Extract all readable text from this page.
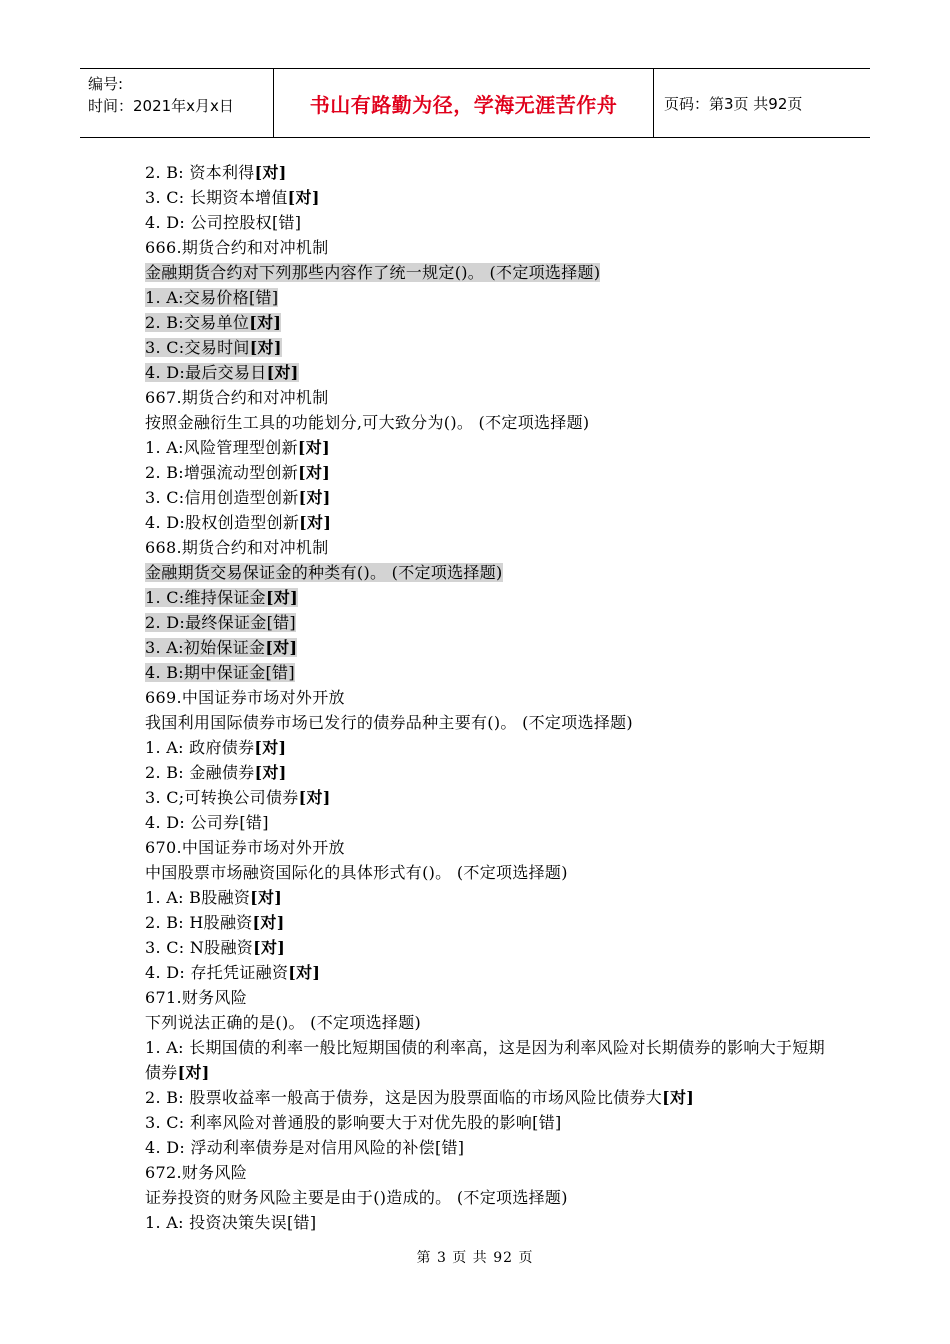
编号:
时间：2021年x月x日	书山有路勤为径，学海无涯苦作舟	页码：第3页 共92页
2. B: 资本利得[对]
3. C: 长期资本增值[对]
4. D: 公司控股权[错]
666.期货合约和对冲机制
金融期货合约对下列那些内容作了统一规定()。 (不定项选择题)
1. A:交易价格[错]
2. B:交易单位[对]
3. C:交易时间[对]
4. D:最后交易日[对]
667.期货合约和对冲机制
按照金融衍生工具的功能划分,可大致分为()。 (不定项选择题)
1. A:风险管理型创新[对]
2. B:增强流动型创新[对]
3. C:信用创造型创新[对]
4. D:股权创造型创新[对]
668.期货合约和对冲机制
金融期货交易保证金的种类有()。 (不定项选择题)
1. C:维持保证金[对]
2. D:最终保证金[错]
3. A:初始保证金[对]
4. B:期中保证金[错]
669.中国证券市场对外开放
我国利用国际债券市场已发行的债券品种主要有()。 (不定项选择题)
1. A: 政府债券[对]
2. B: 金融债券[对]
3. C;可转换公司债券[对]
4. D: 公司券[错]
670.中国证券市场对外开放
中国股票市场融资国际化的具体形式有()。 (不定项选择题)
1. A: B股融资[对]
2. B: H股融资[对]
3. C: N股融资[对]
4. D: 存托凭证融资[对]
671.财务风险
下列说法正确的是()。 (不定项选择题)
1. A: 长期国债的利率一般比短期国债的利率高，这是因为利率风险对长期债券的影响大于短期债券[对]
2. B: 股票收益率一般高于债券，这是因为股票面临的市场风险比债券大[对]
3. C: 利率风险对普通股的影响要大于对优先股的影响[错]
4. D: 浮动利率债券是对信用风险的补偿[错]
672.财务风险
证券投资的财务风险主要是由于()造成的。 (不定项选择题)
1. A: 投资决策失误[错]
第 3 页 共 92 页
